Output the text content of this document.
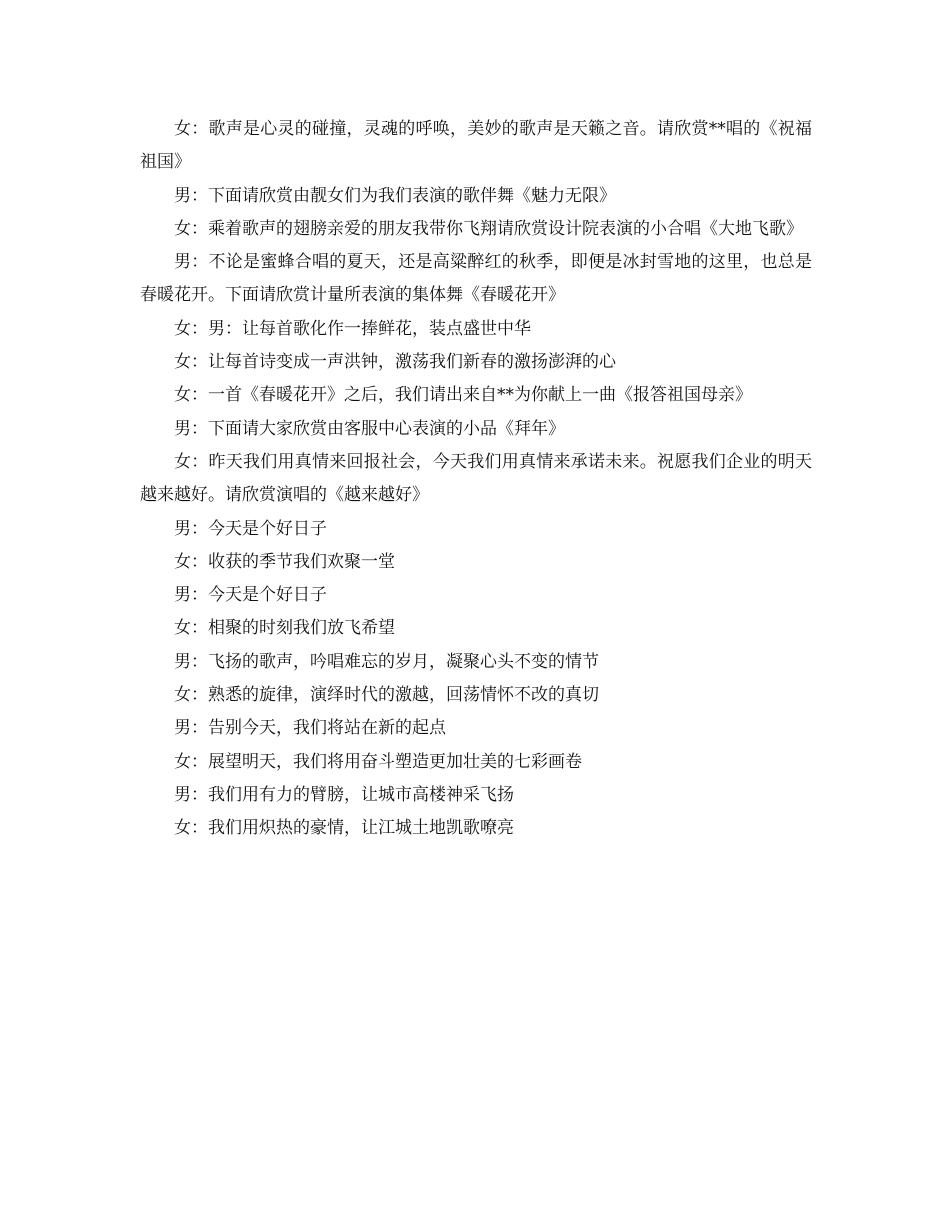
女：歌声是心灵的碰撞，灵魂的呼唤，美妙的歌声是天籁之音。请欣赏**唱的《祝福祖国》

男：下面请欣赏由靓女们为我们表演的歌伴舞《魅力无限》

女：乘着歌声的翅膀亲爱的朋友我带你飞翔请欣赏设计院表演的小合唱《大地飞歌》

男：不论是蜜蜂合唱的夏天，还是高粱醉红的秋季，即便是冰封雪地的这里，也总是春暖花开。下面请欣赏计量所表演的集体舞《春暖花开》

女：男：让每首歌化作一捧鲜花，装点盛世中华

女：让每首诗变成一声洪钟，激荡我们新春的激扬澎湃的心

女：一首《春暖花开》之后，我们请出来自**为你献上一曲《报答祖国母亲》

男：下面请大家欣赏由客服中心表演的小品《拜年》

女：昨天我们用真情来回报社会，今天我们用真情来承诺未来。祝愿我们企业的明天越来越好。请欣赏演唱的《越来越好》

男：今天是个好日子

女：收获的季节我们欢聚一堂

男：今天是个好日子

女：相聚的时刻我们放飞希望

男：飞扬的歌声，吟唱难忘的岁月，凝聚心头不变的情节

女：熟悉的旋律，演绎时代的激越，回荡情怀不改的真切

男：告别今天，我们将站在新的起点

女：展望明天，我们将用奋斗塑造更加壮美的七彩画卷

男：我们用有力的臂膀，让城市高楼神采飞扬

女：我们用炽热的豪情，让江城土地凯歌嘹亮
